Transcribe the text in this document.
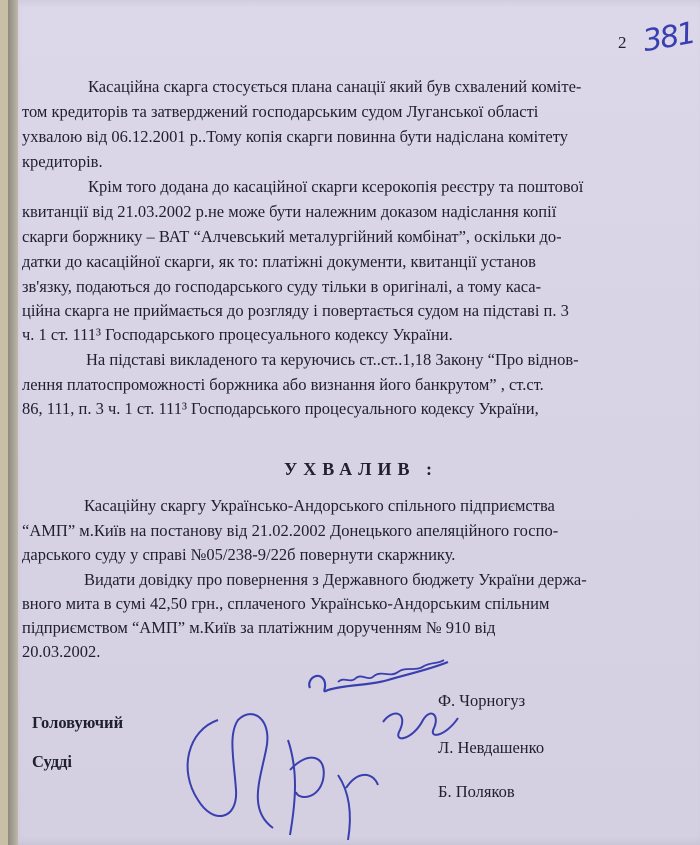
2 381
Касаційна скарга стосується плана санації який був схвалений коміте-
том кредиторів та затверджений господарським судом Луганської області
ухвалою від 06.12.2001 р..Тому копія скарги повинна бути надіслана комітету
кредиторів.
Крім того додана до касаційної скарги ксерокопія реєстру та поштової
квитанції від 21.03.2002 р.не може бути належним доказом надіслання копії
скарги боржнику – ВАТ “Алчевський металургійний комбінат”, оскільки до-
датки до касаційної скарги, як то: платіжні документи, квитанції установ
зв'язку, подаються до господарського суду тільки в оригіналі, а тому каса-
ційна скарга не приймається до розгляду і повертається судом на підставі п. 3
ч. 1 ст. 111³ Господарського процесуального кодексу України.
На підставі викладеного та керуючись ст..ст..1,18 Закону “Про віднов-
лення платоспроможності боржника або визнання його банкрутом” , ст.ст.
86, 111, п. 3 ч. 1 ст. 111³ Господарського процесуального кодексу України,
УХВАЛИВ :
Касаційну скаргу Українсько-Андорського спільного підприємства
“АМП” м.Київ на постанову від 21.02.2002 Донецького апеляційного госпо-
дарського суду у справі №05/238-9/22б повернути скаржнику.
Видати довідку про повернення з Державного бюджету України держа-
вного мита в сумі 42,50 грн., сплаченого Українсько-Андорським спільним
підприємством “АМП” м.Київ за платіжним дорученням № 910 від
20.03.2002.
Головуючий
Ф. Чорногуз
Судді
Л. Невдашенко
Б. Поляков
